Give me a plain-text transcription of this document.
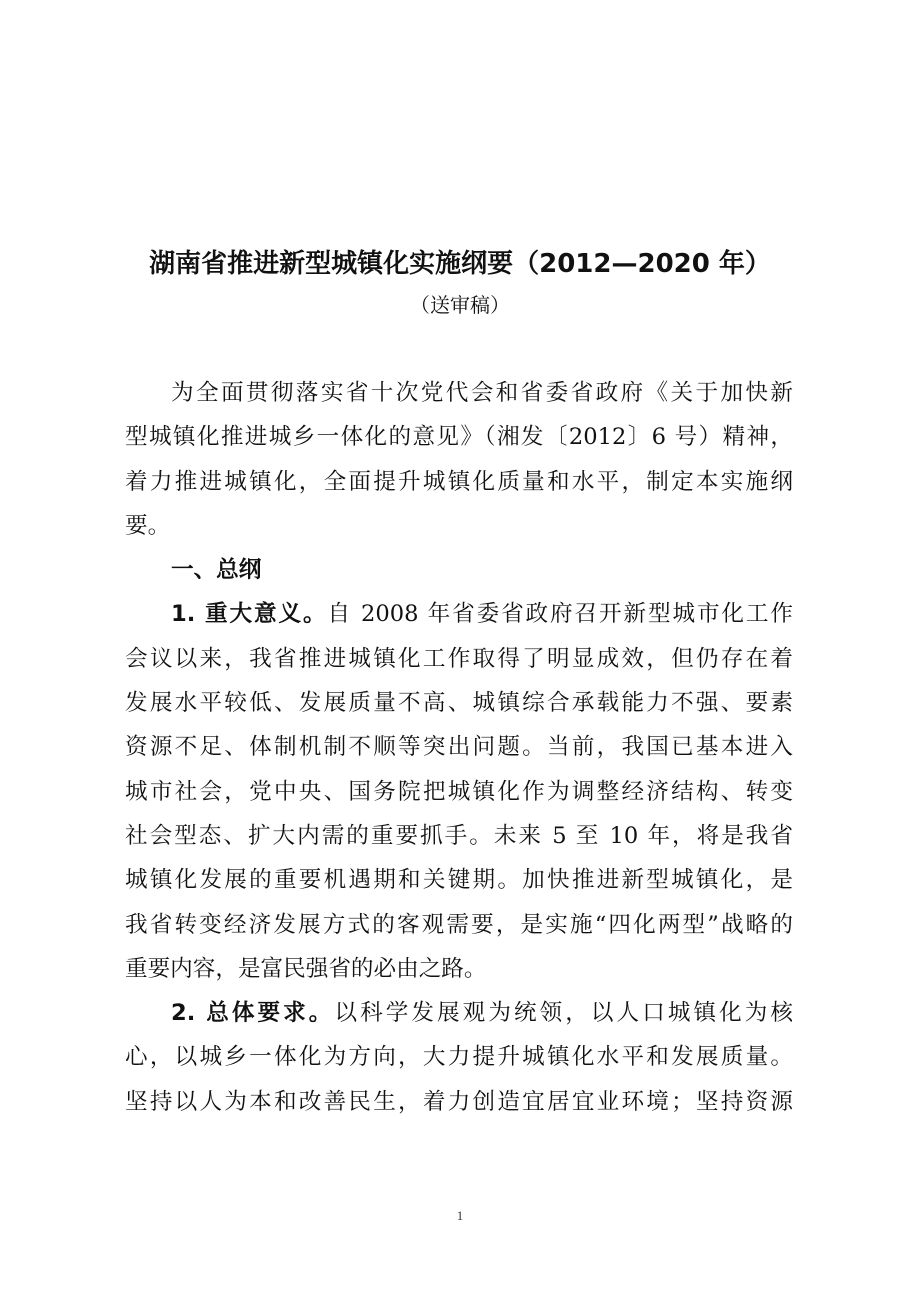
湖南省推进新型城镇化实施纲要（2012—2020 年）
（送审稿）
为全面贯彻落实省十次党代会和省委省政府《关于加快新
型城镇化推进城乡一体化的意见》（湘发〔2012〕6 号）精神，
着力推进城镇化，全面提升城镇化质量和水平，制定本实施纲
要。
一、总纲
1. 重大意义。自 2008 年省委省政府召开新型城市化工作
会议以来，我省推进城镇化工作取得了明显成效，但仍存在着
发展水平较低、发展质量不高、城镇综合承载能力不强、要素
资源不足、体制机制不顺等突出问题。当前，我国已基本进入
城市社会，党中央、国务院把城镇化作为调整经济结构、转变
社会型态、扩大内需的重要抓手。未来 5 至 10 年，将是我省
城镇化发展的重要机遇期和关键期。加快推进新型城镇化，是
我省转变经济发展方式的客观需要，是实施“四化两型”战略的
重要内容，是富民强省的必由之路。
2. 总体要求。以科学发展观为统领，以人口城镇化为核
心，以城乡一体化为方向，大力提升城镇化水平和发展质量。
坚持以人为本和改善民生，着力创造宜居宜业环境；坚持资源
1
